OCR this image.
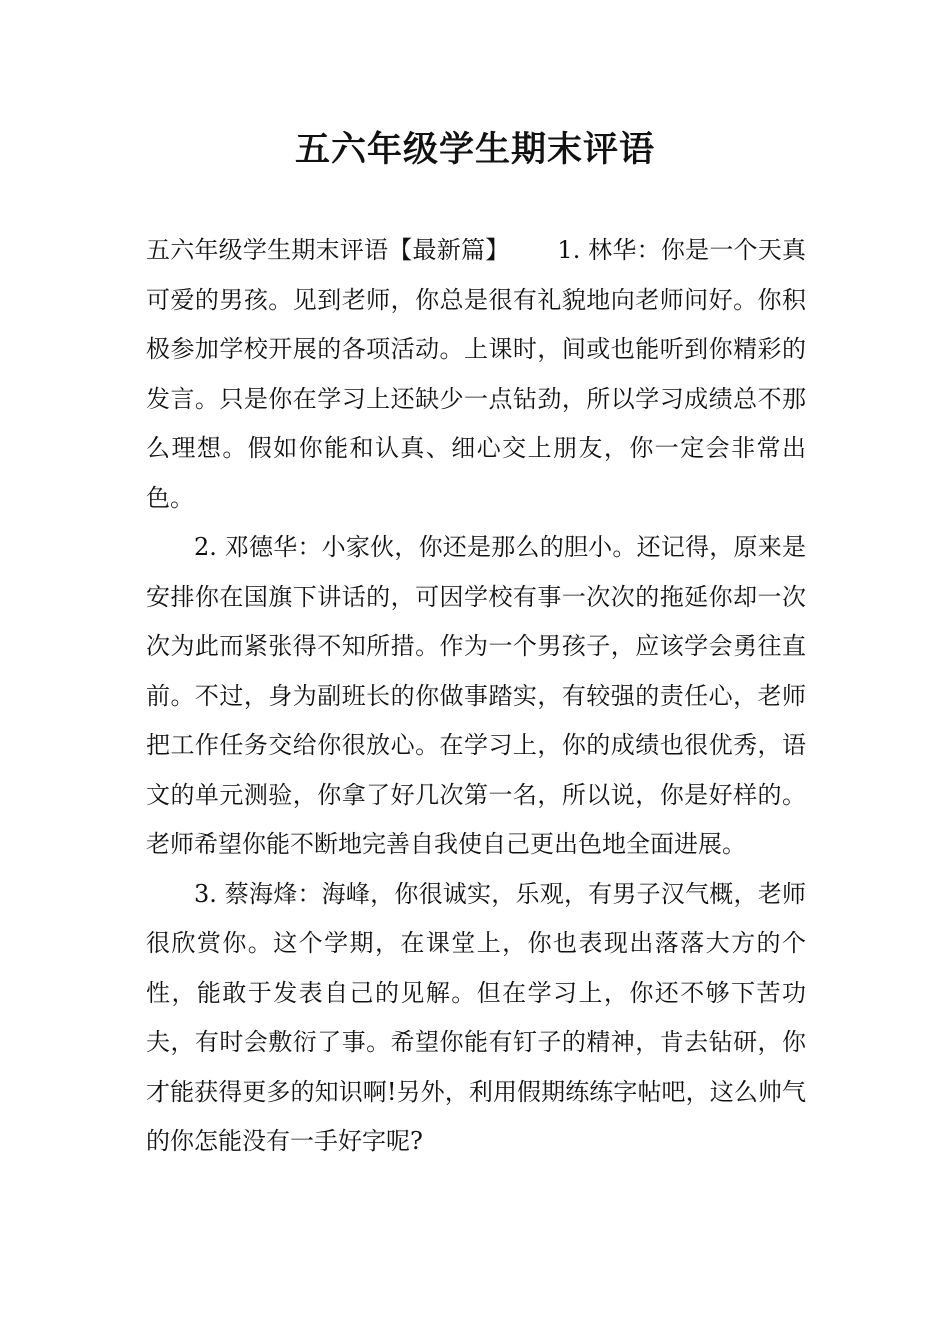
五六年级学生期末评语

五六年级学生期末评语【最新篇】 1. 林华：你是一个天真可爱的男孩。见到老师，你总是很有礼貌地向老师问好。你积极参加学校开展的各项活动。上课时，间或也能听到你精彩的发言。只是你在学习上还缺少一点钻劲，所以学习成绩总不那么理想。假如你能和认真、细心交上朋友，你一定会非常出色。

2. 邓德华：小家伙，你还是那么的胆小。还记得，原来是安排你在国旗下讲话的，可因学校有事一次次的拖延你却一次次为此而紧张得不知所措。作为一个男孩子，应该学会勇往直前。不过，身为副班长的你做事踏实，有较强的责任心，老师把工作任务交给你很放心。在学习上，你的成绩也很优秀，语文的单元测验，你拿了好几次第一名，所以说，你是好样的。老师希望你能不断地完善自我使自己更出色地全面进展。

3. 蔡海烽：海峰，你很诚实，乐观，有男子汉气概，老师很欣赏你。这个学期，在课堂上，你也表现出落落大方的个性，能敢于发表自己的见解。但在学习上，你还不够下苦功夫，有时会敷衍了事。希望你能有钉子的精神，肯去钻研，你才能获得更多的知识啊!另外，利用假期练练字帖吧，这么帅气的你怎能没有一手好字呢?
